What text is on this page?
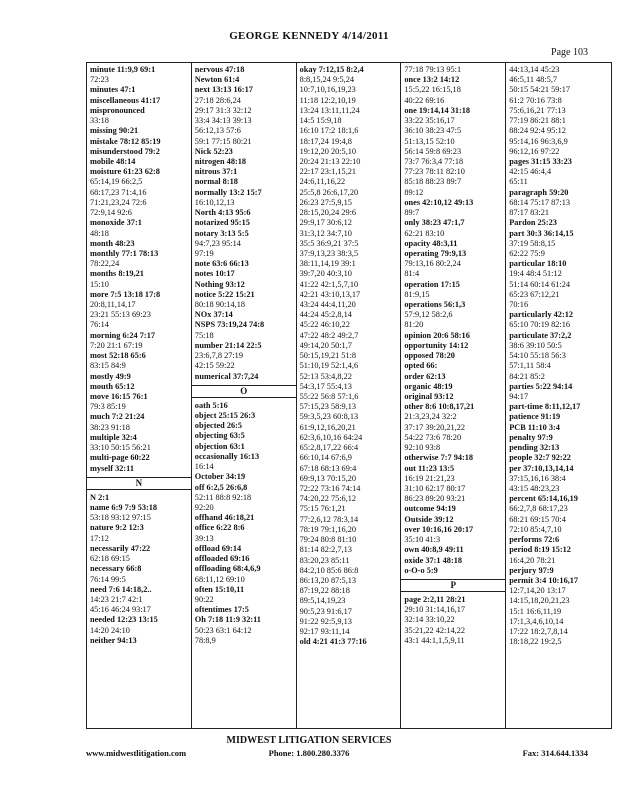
GEORGE KENNEDY 4/14/2011
Page 103
minute 11:9,9 69:1
72:23
minutes 47:1
miscellaneous 41:17
mispronounced
33:18
missing 90:21
mistake 78:12 85:19
misunderstood 79:2
mobile 48:14
moisture 61:23 62:8
65:14,19 66:2,5
68:17,23 71:4,16
71:21,23,24 72:6
72:9,14 92:6
monoxide 37:1
48:18
month 48:23
monthly 77:1 78:13
78:22,24
months 8:19,21
15:10
more 7:5 13:18 17:8
20:8,11,14,17
23:21 55:13 69:23
76:14
morning 6:24 7:17
7:20 21:1 67:19
most 52:18 65:6
83:15 84:9
mostly 49:9
mouth 65:12
move 16:15 76:1
79:3 85:19
much 7:2 21:24
38:23 91:18
multiple 32:4
33:10 50:15 56:21
multi-page 60:22
myself 32:11
N
N 2:1
name 6:9 7:9 53:18
53:18 93:12 97:15
nature 9:2 12:3
17:12
necessarily 47:22
62:18 69:15
necessary 66:8
76:14 99:5
need 7:6 14:18,2..
14:23 21:7 42:1
45:16 46:24 93:17
needed 12:23 13:15
14:20 24:10
neither 94:13
nervous 47:18
Newton 61:4
next 13:13 16:17
27:18 28:6,24
29:17 31:3 32:12
33:4 34:13 39:13
56:12,13 57:6
59:1 77:15 80:21
Nick 52:23
nitrogen 48:18
nitrous 37:1
normal 8:18
normally 13:2 15:7
16:10,12,13
North 4:13 95:6
notarized 95:15
notary 3:13 5:5
94:7,23 95:14
97:19
note 63:6 66:13
notes 10:17
Nothing 93:12
notice 5:22 15:21
80:18 90:14,18
NOx 37:14
NSPS 73:19,24 74:8
75:18
number 21:14 22:5
23:6,7,8 27:19
42:15 59:22
numerical 37:7,24
O
oath 5:16
object 25:15 26:3
objected 26:5
objecting 63:5
objection 63:1
occasionally 16:13
16:14
October 34:19
off 6:2,5 26:6,8
52:11 88:8 92:18
92:20
offhand 46:18,21
office 6:22 8:6
39:13
offload 69:14
offloaded 69:16
offloading 68:4,6,9
68:11,12 69:10
often 15:10,11
90:22
oftentimes 17:5
Oh 7:18 11:9 32:11
50:23 63:1 64:12
78:8,9
okay 7:12,15 8:2,4
8:8,15,24 9:5,24
10:7,10,16,19,23
11:18 12:2,10,19
13:24 13:11,11,24
14:5 15:9,18
16:10 17:2 18:1,6
18:17,24 19:4,8
19:12,20 20:5,10
20:24 21:13 22:10
22:17 23:1,15,21
24:6,11,16,22
25:5,8 26:6,17,20
26:23 27:5,9,15
28:15,20,24 29:6
29:9,17 30:6,12
31:3,12 34:7,10
35:5 36:9,21 37:5
37:9,13,23 38:3,5
38:11,14,19 39:1
39:7,20 40:3,10
41:22 42:1,5,7,10
42:21 43:10,13,17
43:24 44:4,11,20
44:24 45:2,8,14
45:22 46:10,22
47:22 48:2 49:2,7
49:14,20 50:1,7
50:15,19,21 51:8
51:10,19 52:1,4,6
52:13 53:4,8,22
54:3,17 55:4,13
55:22 56:8 57:1,6
57:15,23 58:9,13
59:3,5,23 60:8,13
61:9,12,16,20,21
62:3,6,10,16 64:24
65:2,8,17,22 66:4
66:10,14 67:6,9
67:18 68:13 69:4
69:9,13 70:15,20
72:22 73:16 74:14
74:20,22 75:6,12
75:15 76:1,21
77:2,6,12 78:3,14
78:19 79:1,16,20
79:24 80:8 81:10
81:14 82:2,7,13
83:20,23 85:11
84:2,10 85:6 86:8
86:13,20 87:5,13
87:19,22 88:18
89:5,14,19,23
90:5,23 91:6,17
91:22 92:5,9,13
92:17 93:11,14
old 4:21 41:3 77:16
77:18 79:13 95:1
once 13:2 14:12
15:5,22 16:15,18
40:22 69:16
one 19:14,14 31:18
33:22 35:16,17
36:10 38:23 47:5
51:13,15 52:10
56:14 59:8 69:23
73:7 76:3,4 77:18
77:23 78:11 82:10
85:18 88:23 89:7
89:12
ones 42:10,12 49:13
89:7
only 38:23 47:1,7
62:21 83:10
opacity 48:3,11
operating 79:9,13
79:13,16 80:2,24
81:4
operation 17:15
81:9,15
operations 56:1,3
57:9,12 58:2,6
81:20
opinion 20:6 58:16
opportunity 14:12
opposed 78:20
opted 66:
order 62:13
organic 48:19
original 93:12
other 8:6 10:8,17,21
21:3,23,24 32:2
37:17 39:20,21,22
54:22 73:6 78:20
92:10 93:8
otherwise 7:7 94:18
out 11:23 13:5
16:19 21:21,23
31:10 62:17 80:17
86:23 89:20 93:21
outcome 94:19
Outside 39:12
over 10:16,16 20:17
35:10 41:3
own 40:8,9 49:11
oxide 37:1 48:18
o-O-o 5:9
P
page 2:2,11 28:21
29:10 31:14,16,17
32:14 33:10,22
35:21,22 42:14,22
43:1 44:1,1,5,9,11
44:13,14 45:23
46:5,11 48:5,7
50:15 54:21 59:17
61:2 70:16 73:8
75:6,16,21 77:13
77:19 86:21 88:1
88:24 92:4 95:12
95:14,16 96:3,6,9
96:12,16 97:22
pages 31:15 33:23
42:15 46:4,4
65:11
paragraph 59:20
68:14 75:17 87:13
87:17 83:21
Pardon 25:23
part 30:3 36:14,15
37:19 58:8,15
62:22 75:9
particular 18:10
19:4 48:4 51:12
51:14 60:14 61:24
65:23 67:12,21
70:16
particularly 42:12
65:10 70:19 82:16
particulate 37:2,2
38:6 39:10 50:5
54:10 55:18 56:3
57:1,11 58:4
84:21 85:2
parties 5:22 94:14
94:17
part-time 8:11,12,17
patience 91:19
PCB 11:10 3:4
penalty 97:9
pending 32:13
people 32:7 92:22
per 37:10,13,14,14
37:15,16,16 38:4
43:15 48:23,23
percent 65:14,16,19
66:2,7,8 68:17,23
68:21 69:15 70:4
72:10 85:4,7,10
performs 72:6
period 8:19 15:12
16:4,20 78:21
perjury 97:9
permit 3:4 10:16,17
12:7,14,20 13:17
14:15,18,20,21,23
15:1 16:6,11,19
17:1,3,4,6,10,14
17:22 18:2,7,8,14
18:18,22 19:2,5
MIDWEST LITIGATION SERVICES
www.midwestlitigation.com	Phone: 1.800.280.3376	Fax: 314.644.1334
